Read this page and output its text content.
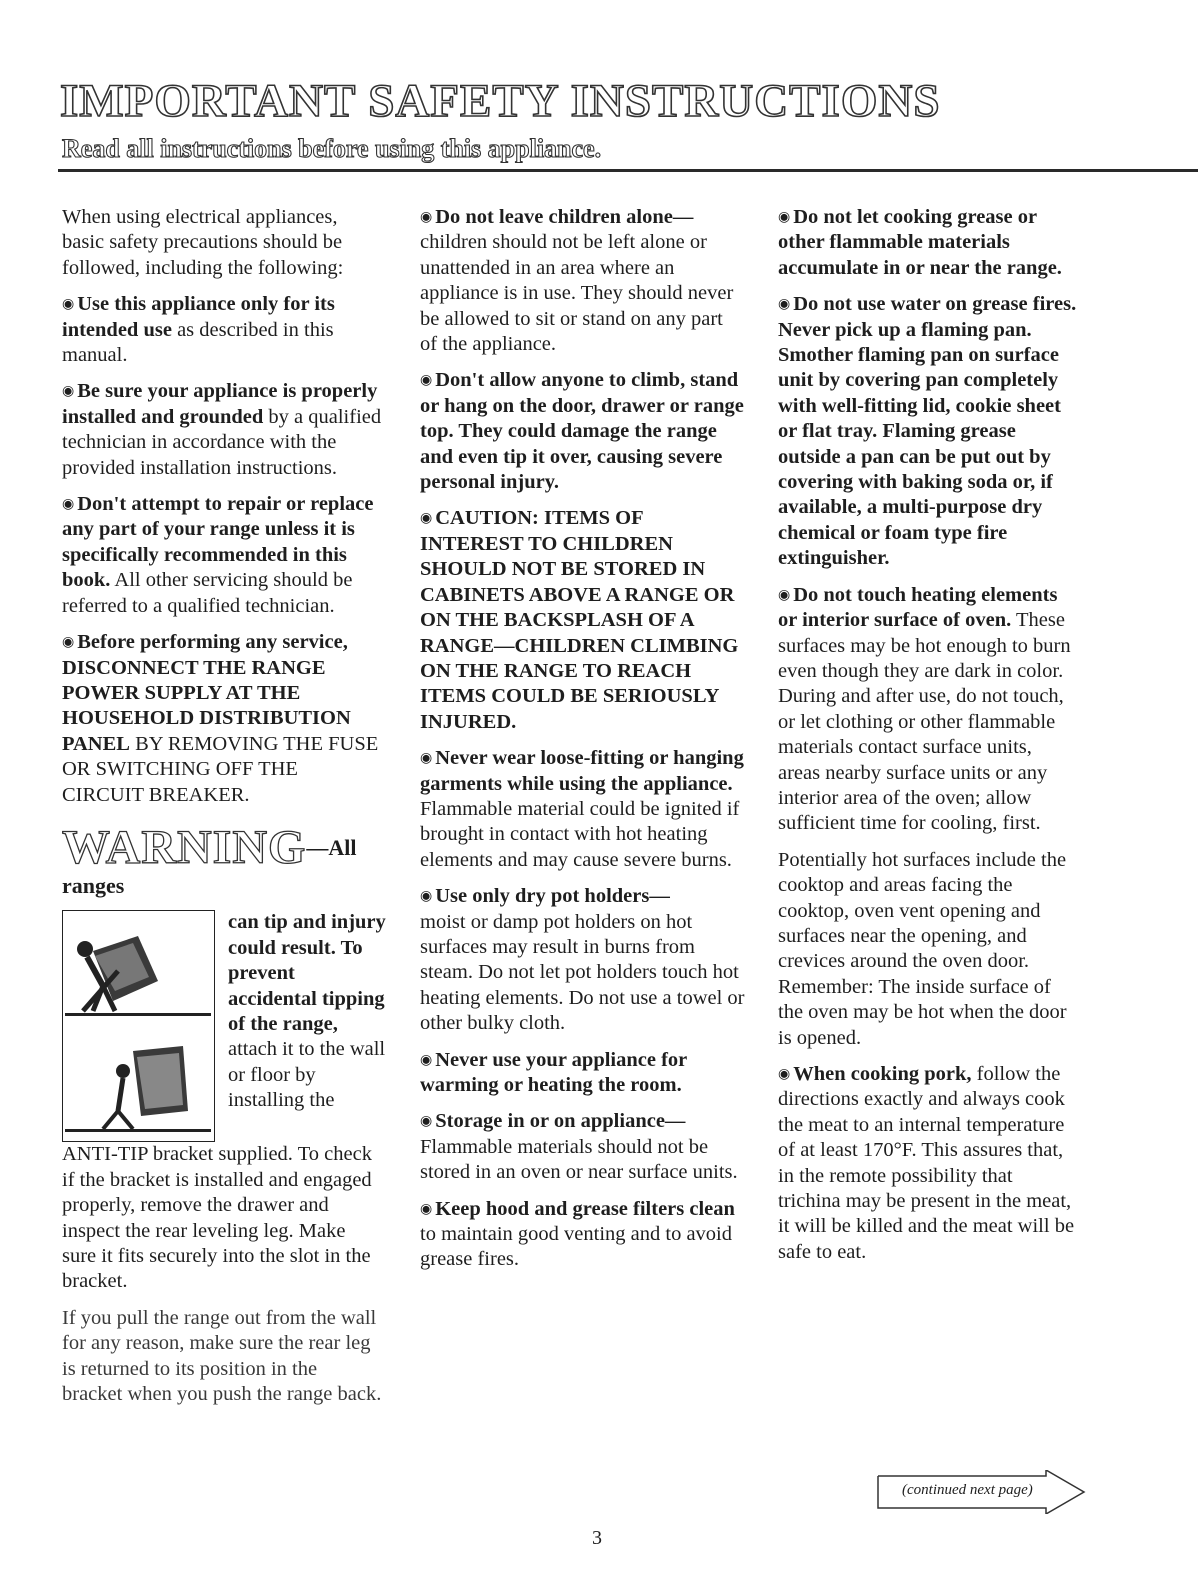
IMPORTANT SAFETY INSTRUCTIONS
Read all instructions before using this appliance.

When using electrical appliances, basic safety precautions should be followed, including the following:

◉ Use this appliance only for its intended use as described in this manual.

◉ Be sure your appliance is properly installed and grounded by a qualified technician in accordance with the provided installation instructions.

◉ Don't attempt to repair or replace any part of your range unless it is specifically recommended in this book. All other servicing should be referred to a qualified technician.

◉ Before performing any service, DISCONNECT THE RANGE POWER SUPPLY AT THE HOUSEHOLD DISTRIBUTION PANEL BY REMOVING THE FUSE OR SWITCHING OFF THE CIRCUIT BREAKER.

WARNING—All ranges
can tip and injury could result. To prevent accidental tipping of the range, attach it to the wall or floor by installing the

ANTI-TIP bracket supplied. To check if the bracket is installed and engaged properly, remove the drawer and inspect the rear leveling leg. Make sure it fits securely into the slot in the bracket.

If you pull the range out from the wall for any reason, make sure the rear leg is returned to its position in the bracket when you push the range back.

◉ Do not leave children alone—
children should not be left alone or unattended in an area where an appliance is in use. They should never be allowed to sit or stand on any part of the appliance.

◉ Don't allow anyone to climb, stand or hang on the door, drawer or range top. They could damage the range and even tip it over, causing severe personal injury.

◉ CAUTION: ITEMS OF INTEREST TO CHILDREN SHOULD NOT BE STORED IN CABINETS ABOVE A RANGE OR ON THE BACKSPLASH OF A RANGE—CHILDREN CLIMBING ON THE RANGE TO REACH ITEMS COULD BE SERIOUSLY INJURED.

◉ Never wear loose-fitting or hanging garments while using the appliance. Flammable material could be ignited if brought in contact with hot heating elements and may cause severe burns.

◉ Use only dry pot holders—
moist or damp pot holders on hot surfaces may result in burns from steam. Do not let pot holders touch hot heating elements. Do not use a towel or other bulky cloth.

◉ Never use your appliance for warming or heating the room.

◉ Storage in or on appliance—
Flammable materials should not be stored in an oven or near surface units.

◉ Keep hood and grease filters clean to maintain good venting and to avoid grease fires.

◉ Do not let cooking grease or other flammable materials accumulate in or near the range.

◉ Do not use water on grease fires. Never pick up a flaming pan. Smother flaming pan on surface unit by covering pan completely with well-fitting lid, cookie sheet or flat tray. Flaming grease outside a pan can be put out by covering with baking soda or, if available, a multi-purpose dry chemical or foam type fire extinguisher.

◉ Do not touch heating elements or interior surface of oven. These surfaces may be hot enough to burn even though they are dark in color. During and after use, do not touch, or let clothing or other flammable materials contact surface units, areas nearby surface units or any interior area of the oven; allow sufficient time for cooling, first.

Potentially hot surfaces include the cooktop and areas facing the cooktop, oven vent opening and surfaces near the opening, and crevices around the oven door. Remember: The inside surface of the oven may be hot when the door is opened.

◉ When cooking pork, follow the directions exactly and always cook the meat to an internal temperature of at least 170°F. This assures that, in the remote possibility that trichina may be present in the meat, it will be killed and the meat will be safe to eat.

(continued next page)
3
